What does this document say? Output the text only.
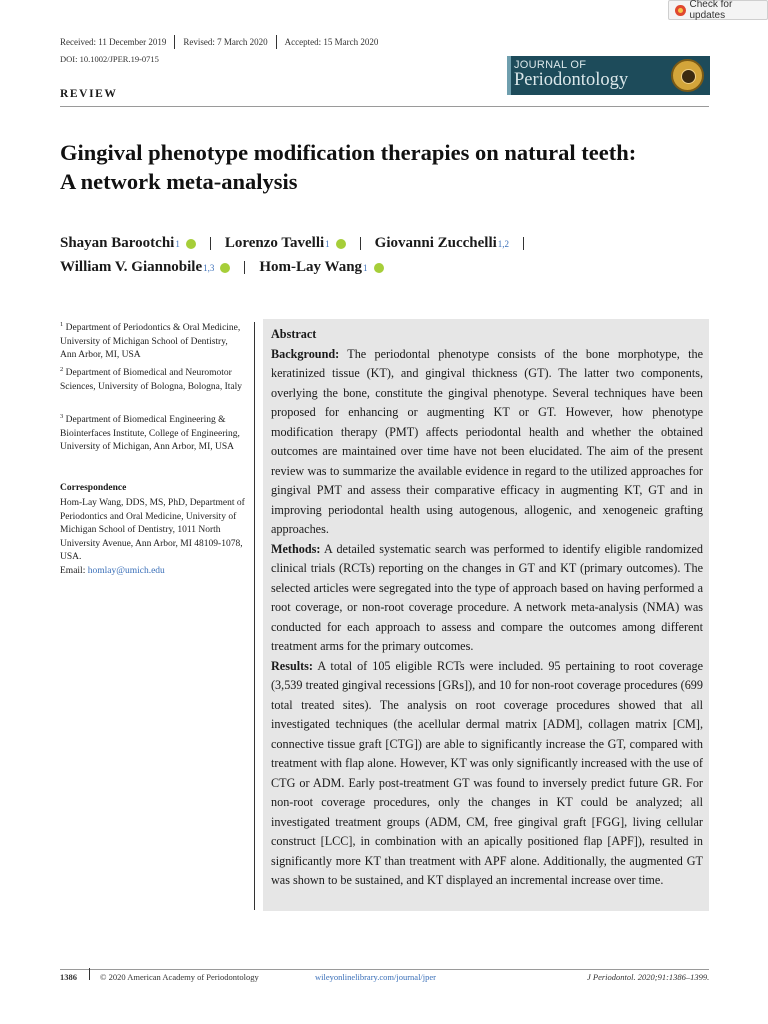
Check for updates
Received: 11 December 2019 Revised: 7 March 2020 Accepted: 15 March 2020
DOI: 10.1002/JPER.19-0715	JOURNAL OF
Periodontology
REVIEW
Gingival phenotype modification therapies on natural teeth:
A network meta-analysis
Shayan Barootchi 1	Lorenzo Tavelli 1	Giovanni Zucchelli 1,2
William V. Giannobile 1,3	Hom-Lay Wang 1
$^1$ Department of Periodontics & Oral Medicine, University of Michigan School of Dentistry, Ann Arbor, MI, USA
$^2$ Department of Biomedical and Neuromotor Sciences, University of Bologna, Bologna, Italy
$^3$ Department of Biomedical Engineering & Biointerfaces Institute, College of Engineering, University of Michigan, Ann Arbor, MI, USA
Correspondence
Hom-Lay Wang, DDS, MS, PhD, Department of Periodontics and Oral Medicine, University of Michigan School of Dentistry, 1011 North University Avenue, Ann Arbor, MI 48109-1078, USA.
Email: homlay@umich.edu
Abstract

Background: The periodontal phenotype consists of the bone morphotype, the keratinized tissue (KT), and gingival thickness (GT). The latter two components, overlying the bone, constitute the gingival phenotype. Several techniques have been proposed for enhancing or augmenting KT or GT. However, how phenotype modification therapy (PMT) affects periodontal health and whether the obtained outcomes are maintained over time have not been elucidated. The aim of the present review was to summarize the available evidence in regard to the utilized approaches for gingival PMT and assess their comparative efficacy in augmenting KT, GT and in improving periodontal health using autogenous, allogenic, and xenogeneic grafting approaches.

Methods: A detailed systematic search was performed to identify eligible randomized clinical trials (RCTs) reporting on the changes in GT and KT (primary outcomes). The selected articles were segregated into the type of approach based on having performed a root coverage, or non-root coverage procedure. A network meta-analysis (NMA) was conducted for each approach to assess and compare the outcomes among different treatment arms for the primary outcomes.

Results: A total of 105 eligible RCTs were included. 95 pertaining to root coverage (3,539 treated gingival recessions [GRs]), and 10 for non-root coverage procedures (699 total treated sites). The analysis on root coverage procedures showed that all investigated techniques (the acellular dermal matrix [ADM], collagen matrix [CM], connective tissue graft [CTG]) are able to significantly increase the GT, compared with treatment with flap alone. However, KT was only significantly increased with the use of CTG or ADM. Early post-treatment GT was found to inversely predict future GR. For non-root coverage procedures, only the changes in KT could be analyzed; all investigated treatment groups (ADM, CM, free gingival graft [FGG], living cellular construct [LCC], in combination with an apically positioned flap [APF]), resulted in significantly more KT than treatment with APF alone. Additionally, the augmented GT was shown to be sustained, and KT displayed an incremental increase over time.

1386	© 2020 American Academy of Periodontology	wileyonlinelibrary.com/journal/jper	J Periodontol. 2020;91:1386–1399.
